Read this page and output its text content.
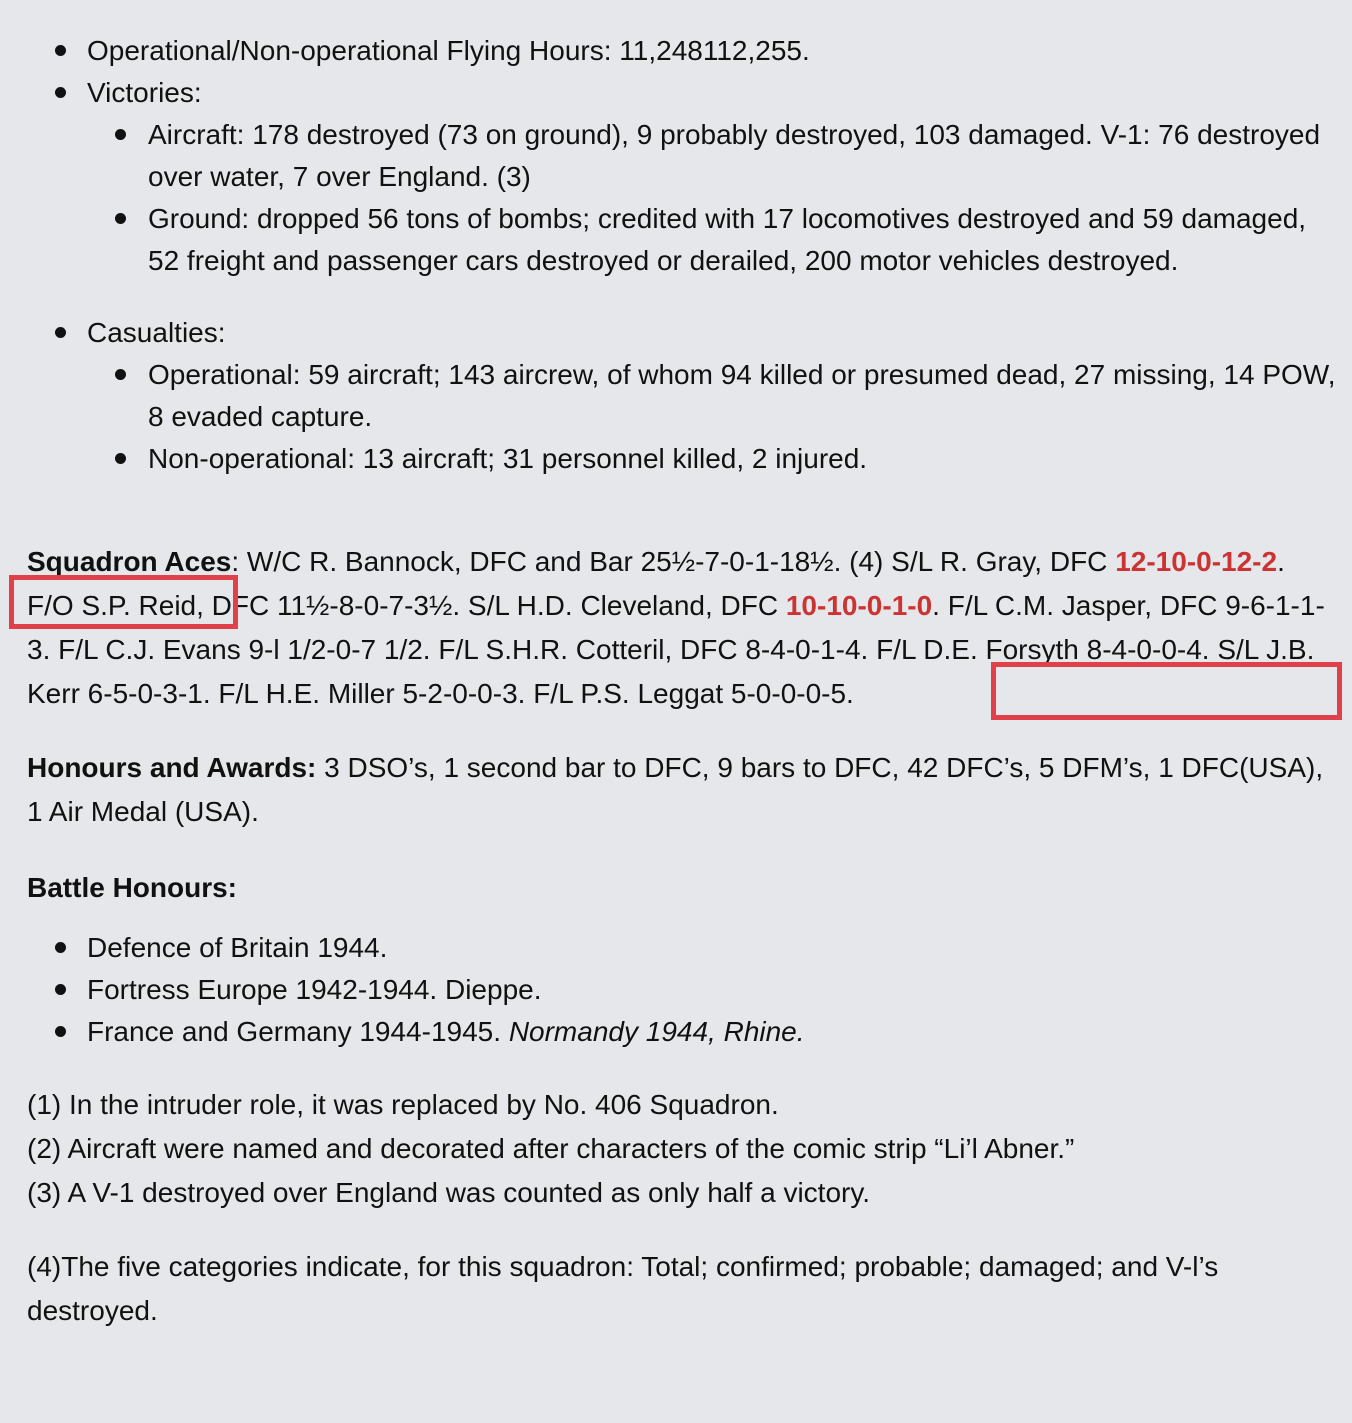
Operational/Non-operational Flying Hours: 11,248112,255.
Victories:
Aircraft: 178 destroyed (73 on ground), 9 probably destroyed, 103 damaged. V-1: 76 destroyed over water, 7 over England. (3)
Ground: dropped 56 tons of bombs; credited with 17 locomotives destroyed and 59 damaged, 52 freight and passenger cars destroyed or derailed, 200 motor vehicles destroyed.
Casualties:
Operational: 59 aircraft; 143 aircrew, of whom 94 killed or presumed dead, 27 missing, 14 POW, 8 evaded capture.
Non-operational: 13 aircraft; 31 personnel killed, 2 injured.

Squadron Aces: W/C R. Bannock, DFC and Bar 25½-7-0-1-18½. (4) S/L R. Gray, DFC 12-10-0-12-2. F/O S.P. Reid, DFC 11½-8-0-7-3½. S/L H.D. Cleveland, DFC 10-10-0-1-0. F/L C.M. Jasper, DFC 9-6-1-1-3. F/L C.J. Evans 9-l 1/2-0-7 1/2. F/L S.H.R. Cotteril, DFC 8-4-0-1-4. F/L D.E. Forsyth 8-4-0-0-4. S/L J.B. Kerr 6-5-0-3-1. F/L H.E. Miller 5-2-0-0-3. F/L P.S. Leggat 5-0-0-0-5.

Honours and Awards: 3 DSO’s, 1 second bar to DFC, 9 bars to DFC, 42 DFC’s, 5 DFM’s, 1 DFC(USA), 1 Air Medal (USA).

Battle Honours:

Defence of Britain 1944.
Fortress Europe 1942-1944. Dieppe.
France and Germany 1944-1945. Normandy 1944, Rhine.

(1) In the intruder role, it was replaced by No. 406 Squadron.

(2) Aircraft were named and decorated after characters of the comic strip “Li’l Abner.”

(3) A V-1 destroyed over England was counted as only half a victory.

(4)The five categories indicate, for this squadron: Total; confirmed; probable; damaged; and V-l’s destroyed.
